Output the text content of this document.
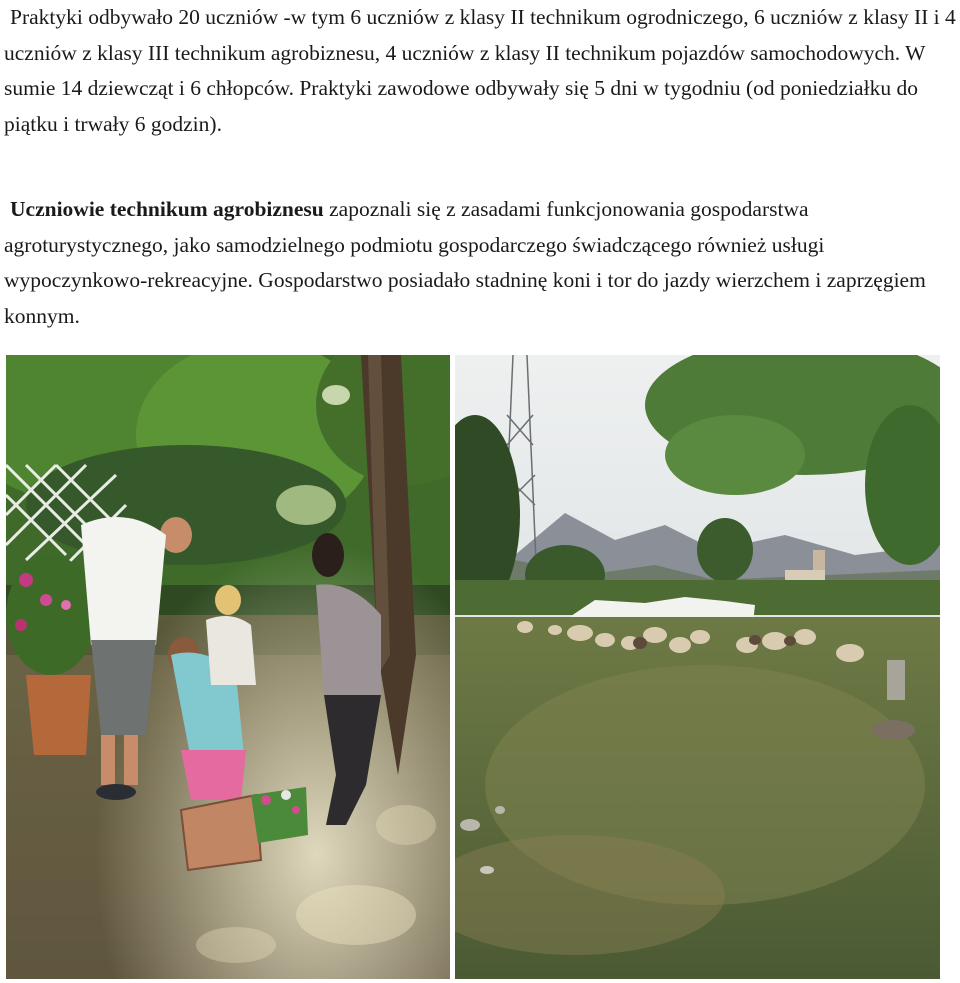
Praktyki odbywało 20 uczniów -w tym 6 uczniów z klasy II technikum ogrodniczego, 6 uczniów z klasy II i 4 uczniów z klasy III technikum agrobiznesu, 4 uczniów z klasy II technikum pojazdów samochodowych. W sumie 14 dziewcząt i 6 chłopców. Praktyki zawodowe odbywały się 5 dni w tygodniu (od poniedziałku do piątku i trwały 6 godzin).

Uczniowie technikum agrobiznesu zapoznali się z zasadami funkcjonowania gospodarstwa agroturystycznego, jako samodzielnego podmiotu gospodarczego świadczącego również usługi wypoczynkowo-rekreacyjne. Gospodarstwo posiadało stadninę koni i tor do jazdy wierzchem i zaprzęgiem konnym.
